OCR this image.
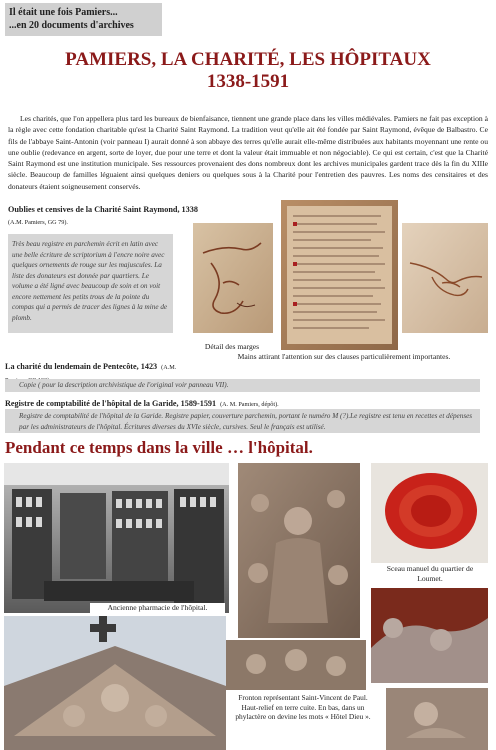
Il était une fois Pamiers...
...en 20 documents d'archives
PAMIERS, LA CHARITÉ, LES HÔPITAUX
1338-1591
Les charités, que l'on appellera plus tard les bureaux de bienfaisance, tiennent une grande place dans les villes médiévales. Pamiers ne fait pas exception à la règle avec cette fondation charitable qu'est la Charité Saint Raymond. La tradition veut qu'elle ait été fondée par Saint Raymond, évêque de Balbastro. Ce fils de l'abbaye Saint-Antonin (voir panneau I) aurait donné à son abbaye des terres qu'elle aurait elle-même distribuées aux habitants moyennant une rente ou une oublie (redevance en argent, sorte de loyer, due pour une terre et dont la valeur était immuable et non négociable). Ce qui est certain, c'est que la Charité Saint Raymond est une institution municipale. Ses ressources provenaient des dons nombreux dont les archives municipales gardent trace dès la fin du XIIIe siècle. Beaucoup de familles léguaient ainsi quelques deniers ou quelques sous à la Charité pour l'entretien des pauvres. Les noms des censitaires et des donateurs étaient soigneusement conservés.
Oublies et censives de la Charité Saint Raymond, 1338
(A.M. Pamiers, GG 79).
Très beau registre en parchemin écrit en latin avec une belle écriture de scriptorium à l'encre noire avec quelques ornements de rouge sur les majuscules. La liste des donateurs est donnée par quartiers. Le volume a été ligné avec beaucoup de soin et on voit encore nettement les petits trous de la pointe du compas qui a permis de tracer des lignes à la mine de plomb.
Détail des marges
Mains attirant l'attention sur des clauses particulièrement importantes.
La charité du lendemain de Pentecôte, 1423 (A.M.
Copie ( pour la description archivistique de l'original voir panneau VII).
Registre de comptabilité de l'hôpital de la Garide, 1589-1591 (A. M. Pamiers, dépôt).
Registre de comptabilité de l'hôpital de la Garide. Registre papier, couverture parchemin, portant le numéro M (?).Le registre est tenu en recettes et dépenses par les administrateurs de l'hôpital. Écritures diverses du XVIe siècle, cursives. Seul le français est utilisé.
Pendant ce temps dans la ville … l'hôpital.
Ancienne pharmacie de l'hôpital.
Sceau manuel du quartier de Loumet.
Fronton représentant Saint-Vincent de Paul. Haut-relief en terre cuite. En bas, dans un phylactère on devine les mots « Hôtel Dieu ».
